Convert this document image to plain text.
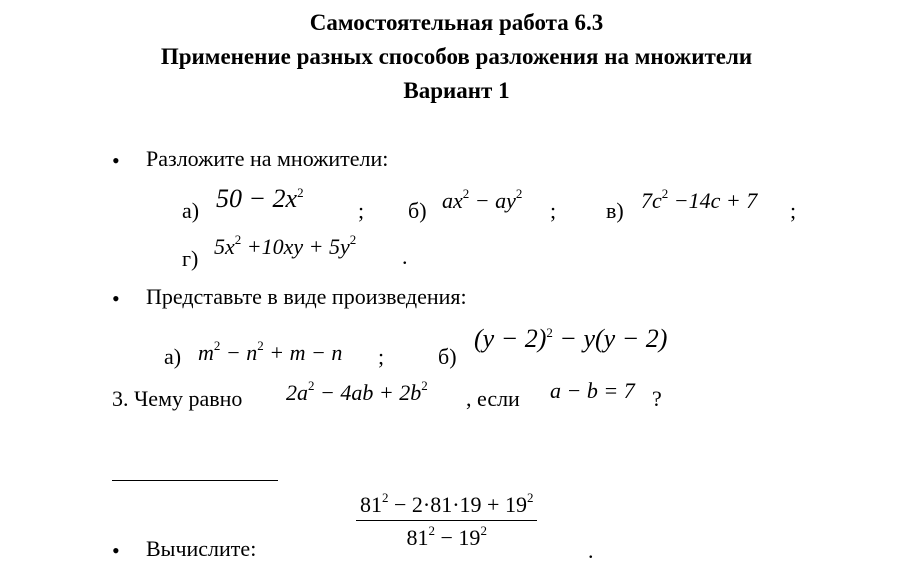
Самостоятельная работа 6.3
Применение разных способов разложения на множители
Вариант 1
• Разложите на множители:
а) $50 - 2x^2$
; б) $ax^2 - ay^2$
; в) $7c^2 -14c + 7$ ;
г) $5x^2 +10xy + 5y^2$
.
• Представьте в виде произведения:
а) $m^2 - n^2 + m - n$ ; б)
$(y - 2)^2 - y(y - 2)$
3. Чему равно $2a^2 - 4ab + 2b^2$
, если a − b = 7 ?
• Вычислите:	$\frac{81^2 - 2\cdot 81\cdot 19 + 19^2}{81^2 - 19^2}$ .
